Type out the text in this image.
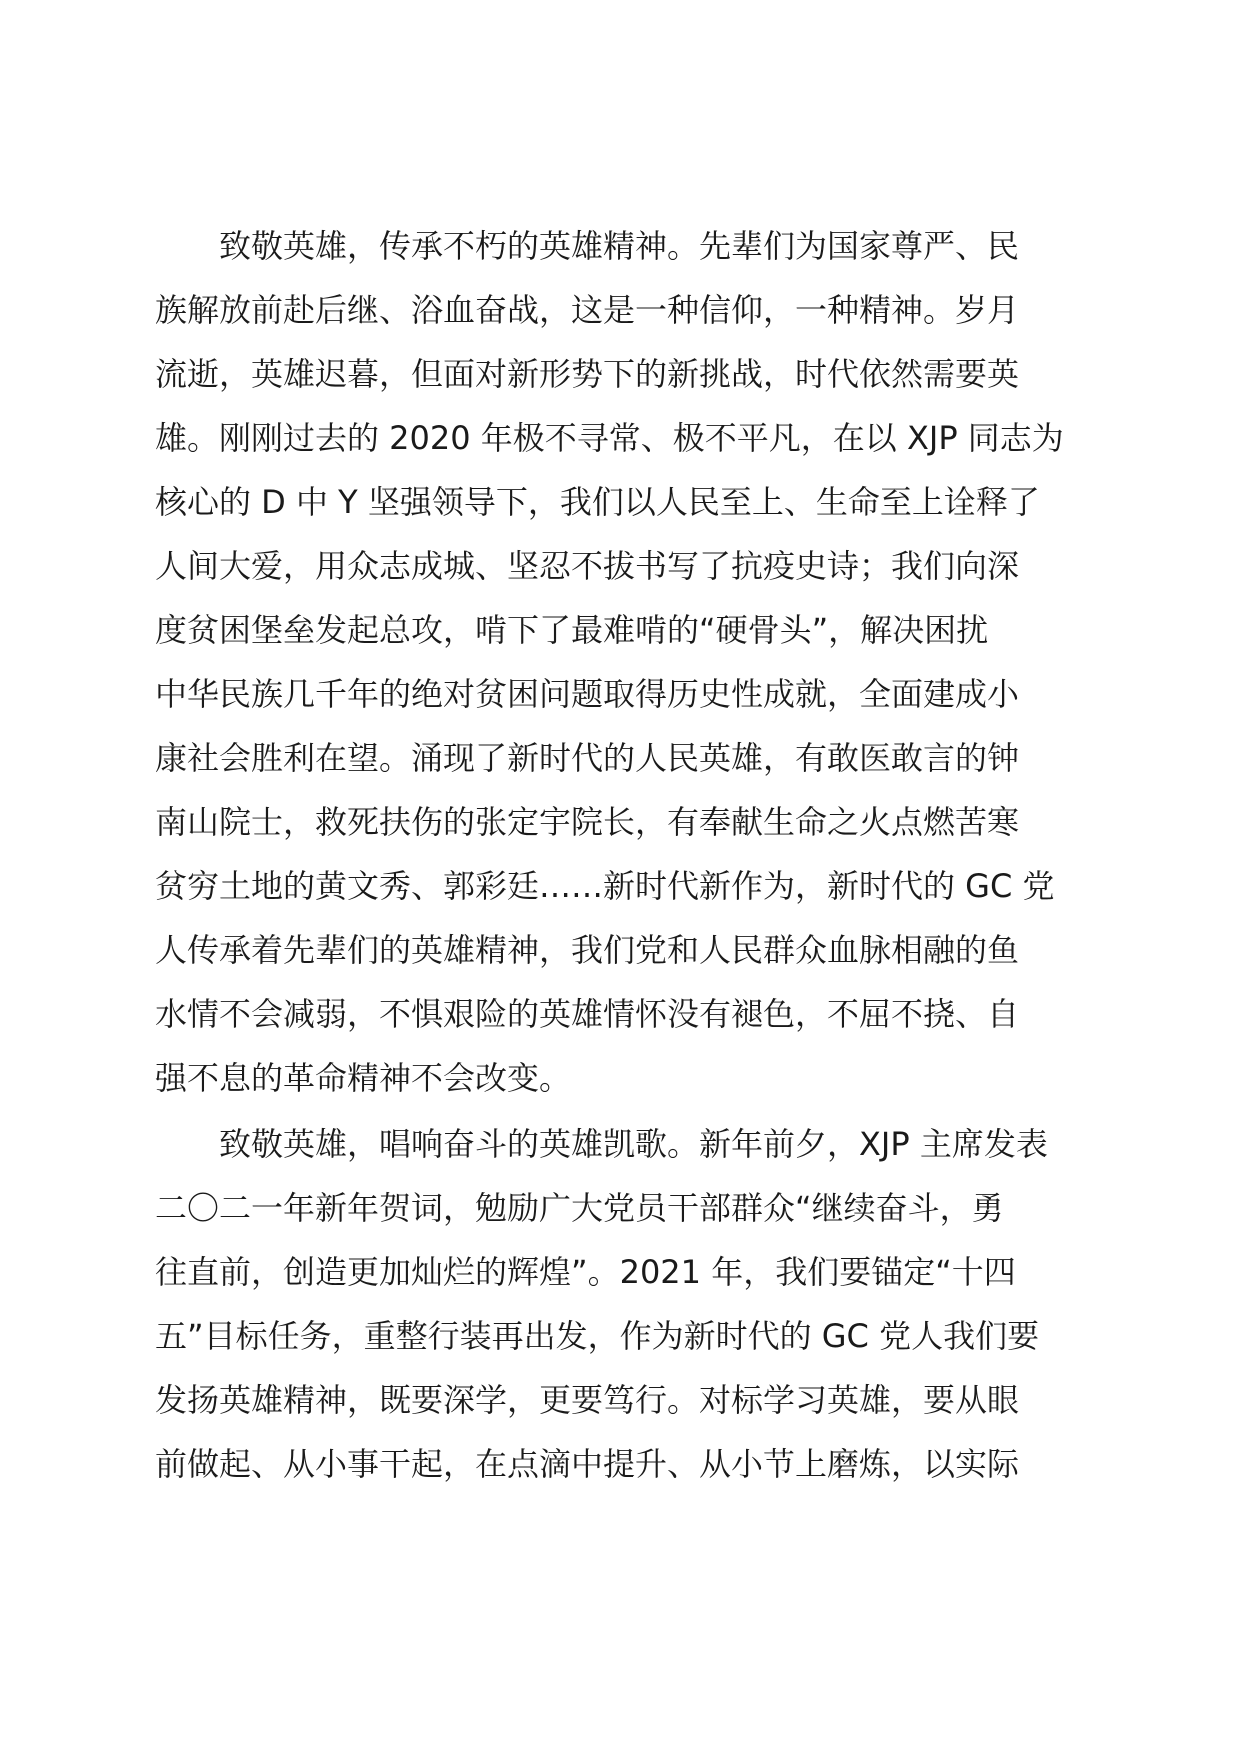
致敬英雄，传承不朽的英雄精神。先辈们为国家尊严、民
族解放前赴后继、浴血奋战，这是一种信仰，一种精神。岁月
流逝，英雄迟暮，但面对新形势下的新挑战，时代依然需要英
雄。刚刚过去的 2020 年极不寻常、极不平凡，在以 XJP 同志为
核心的 D 中 Y 坚强领导下，我们以人民至上、生命至上诠释了
人间大爱，用众志成城、坚忍不拔书写了抗疫史诗；我们向深
度贫困堡垒发起总攻，啃下了最难啃的“硬骨头”，解决困扰
中华民族几千年的绝对贫困问题取得历史性成就，全面建成小
康社会胜利在望。涌现了新时代的人民英雄，有敢医敢言的钟
南山院士，救死扶伤的张定宇院长，有奉献生命之火点燃苦寒
贫穷土地的黄文秀、郭彩廷……新时代新作为，新时代的 GC 党
人传承着先辈们的英雄精神，我们党和人民群众血脉相融的鱼
水情不会减弱，不惧艰险的英雄情怀没有褪色，不屈不挠、自
强不息的革命精神不会改变。
致敬英雄，唱响奋斗的英雄凯歌。新年前夕，XJP 主席发表
二〇二一年新年贺词，勉励广大党员干部群众“继续奋斗，勇
往直前，创造更加灿烂的辉煌”。2021 年，我们要锚定“十四
五”目标任务，重整行装再出发，作为新时代的 GC 党人我们要
发扬英雄精神，既要深学，更要笃行。对标学习英雄，要从眼
前做起、从小事干起，在点滴中提升、从小节上磨炼，以实际
